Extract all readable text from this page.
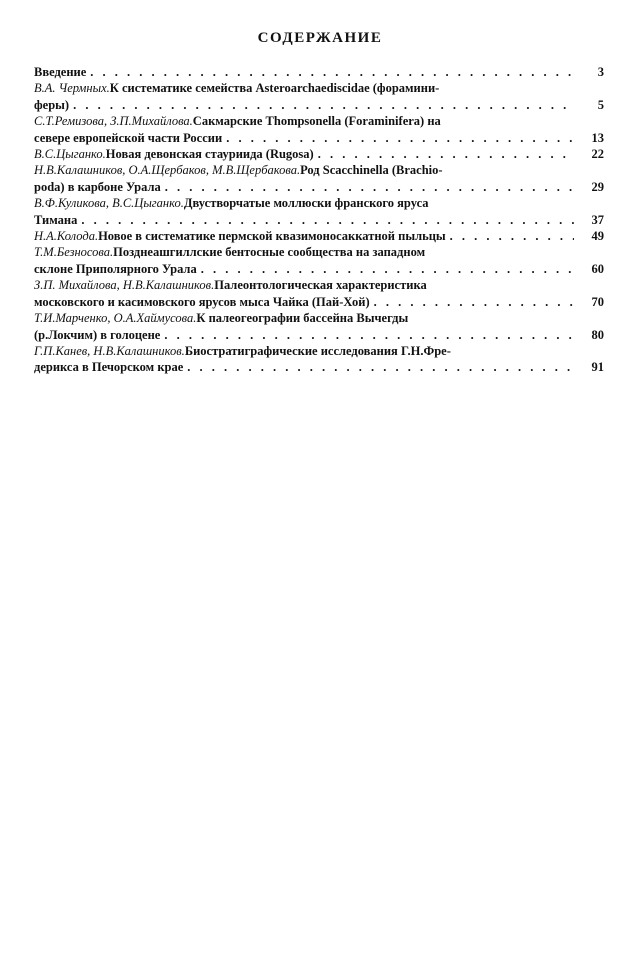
СОДЕРЖАНИЕ
Введение . . .	3
В.А. Чермных. К систематике семейства Asteroarchaediscidae (форамини-
феры) . . .	5
С.Т.Ремизова, З.П.Михайлова. Сакмарские Thompsonella (Foraminifera) на
севере европейской части России . . .	13
В.С.Цыганко. Новая девонская стауриида (Rugosa) . . .	22
Н.В.Калашников, О.А.Щербаков, М.В.Щербакова. Род Scacchinella (Brachio-
poda) в карбоне Урала . . .	29
В.Ф.Куликова, В.С.Цыганко. Двустворчатые моллюски франского яруса
Тимана . . .	37
Н.А.Колода. Новое в систематике пермской квазимоносаккатной пыльцы . . .	49
Т.М.Безносова. Позднеашгиллские бентосные сообщества на западном
склоне Приполярного Урала . . .	60
З.П. Михайлова, Н.В.Калашников. Палеонтологическая характеристика
московского и касимовского ярусов мыса Чайка (Пай-Хой) . . .	70
Т.И.Марченко, О.А.Хаймусова. К палеогеографии бассейна Вычегды
(р.Локчим) в голоцене . . .	80
Г.П.Канев, Н.В.Калашников. Биостратиграфические исследования Г.Н.Фре-
дерикса в Печорском крае . . .	91
